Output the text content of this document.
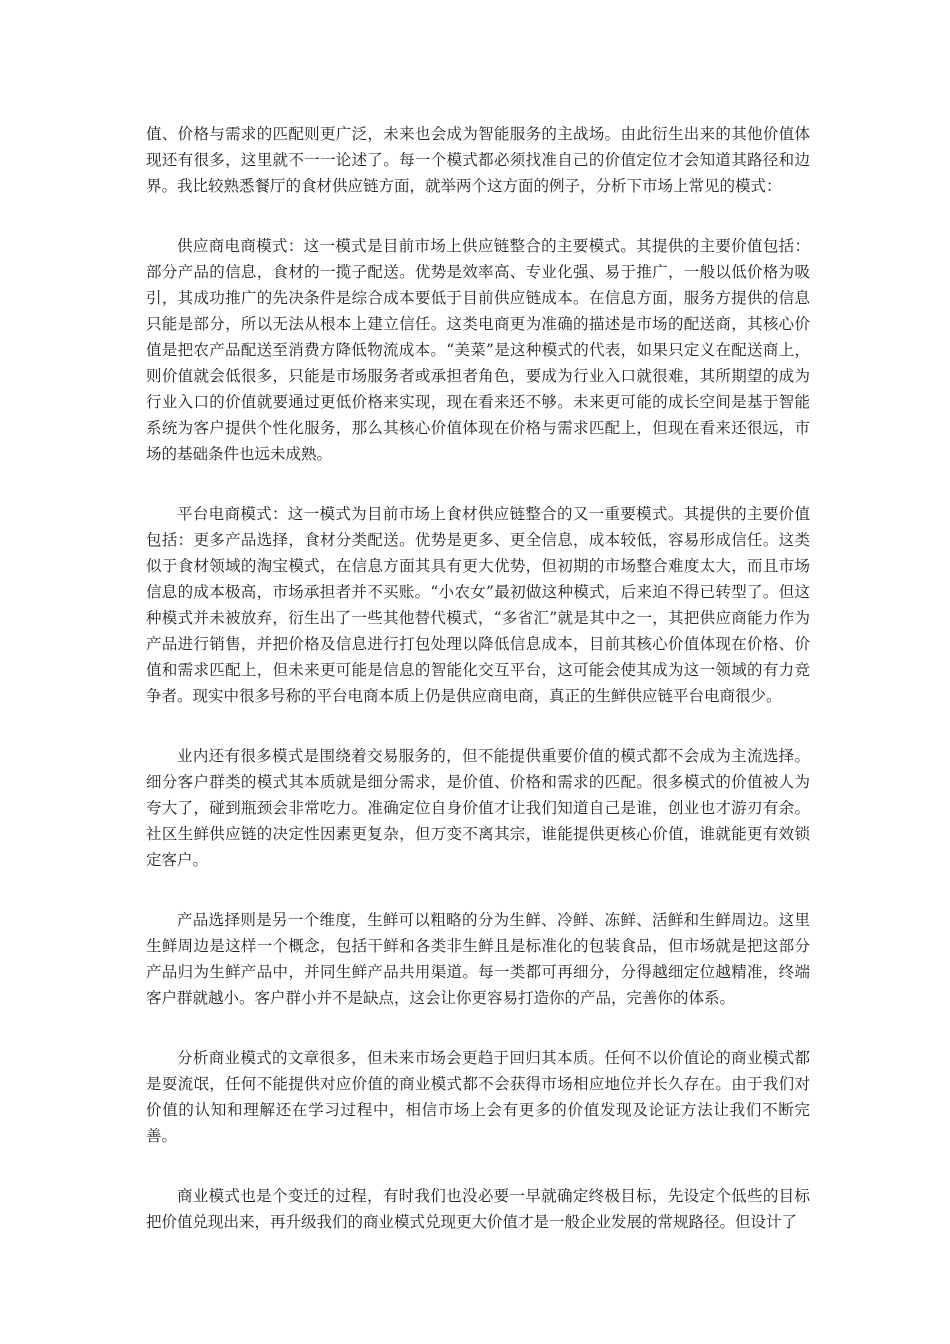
值、价格与需求的匹配则更广泛，未来也会成为智能服务的主战场。由此衍生出来的其他价值体现还有很多，这里就不一一论述了。每一个模式都必须找准自己的价值定位才会知道其路径和边界。我比较熟悉餐厅的食材供应链方面，就举两个这方面的例子，分析下市场上常见的模式：

供应商电商模式：这一模式是目前市场上供应链整合的主要模式。其提供的主要价值包括：部分产品的信息，食材的一揽子配送。优势是效率高、专业化强、易于推广，一般以低价格为吸引，其成功推广的先决条件是综合成本要低于目前供应链成本。在信息方面，服务方提供的信息只能是部分，所以无法从根本上建立信任。这类电商更为准确的描述是市场的配送商，其核心价值是把农产品配送至消费方降低物流成本。“美菜”是这种模式的代表，如果只定义在配送商上，则价值就会低很多，只能是市场服务者或承担者角色，要成为行业入口就很难，其所期望的成为行业入口的价值就要通过更低价格来实现，现在看来还不够。未来更可能的成长空间是基于智能系统为客户提供个性化服务，那么其核心价值体现在价格与需求匹配上，但现在看来还很远，市场的基础条件也远未成熟。

平台电商模式：这一模式为目前市场上食材供应链整合的又一重要模式。其提供的主要价值包括：更多产品选择，食材分类配送。优势是更多、更全信息，成本较低，容易形成信任。这类似于食材领域的淘宝模式，在信息方面其具有更大优势，但初期的市场整合难度太大，而且市场信息的成本极高，市场承担者并不买账。“小农女”最初做这种模式，后来迫不得已转型了。但这种模式并未被放弃，衍生出了一些其他替代模式，“多省汇”就是其中之一，其把供应商能力作为产品进行销售，并把价格及信息进行打包处理以降低信息成本，目前其核心价值体现在价格、价值和需求匹配上，但未来更可能是信息的智能化交互平台，这可能会使其成为这一领域的有力竞争者。现实中很多号称的平台电商本质上仍是供应商电商，真正的生鲜供应链平台电商很少。

业内还有很多模式是围绕着交易服务的，但不能提供重要价值的模式都不会成为主流选择。细分客户群类的模式其本质就是细分需求，是价值、价格和需求的匹配。很多模式的价值被人为夸大了，碰到瓶颈会非常吃力。准确定位自身价值才让我们知道自己是谁，创业也才游刃有余。社区生鲜供应链的决定性因素更复杂，但万变不离其宗，谁能提供更核心价值，谁就能更有效锁定客户。

产品选择则是另一个维度，生鲜可以粗略的分为生鲜、冷鲜、冻鲜、活鲜和生鲜周边。这里生鲜周边是这样一个概念，包括干鲜和各类非生鲜且是标准化的包装食品，但市场就是把这部分产品归为生鲜产品中，并同生鲜产品共用渠道。每一类都可再细分，分得越细定位越精准，终端客户群就越小。客户群小并不是缺点，这会让你更容易打造你的产品，完善你的体系。

分析商业模式的文章很多，但未来市场会更趋于回归其本质。任何不以价值论的商业模式都是耍流氓，任何不能提供对应价值的商业模式都不会获得市场相应地位并长久存在。由于我们对价值的认知和理解还在学习过程中，相信市场上会有更多的价值发现及论证方法让我们不断完善。

商业模式也是个变迁的过程，有时我们也没必要一早就确定终极目标，先设定个低些的目标把价值兑现出来，再升级我们的商业模式兑现更大价值才是一般企业发展的常规路径。但设计了
